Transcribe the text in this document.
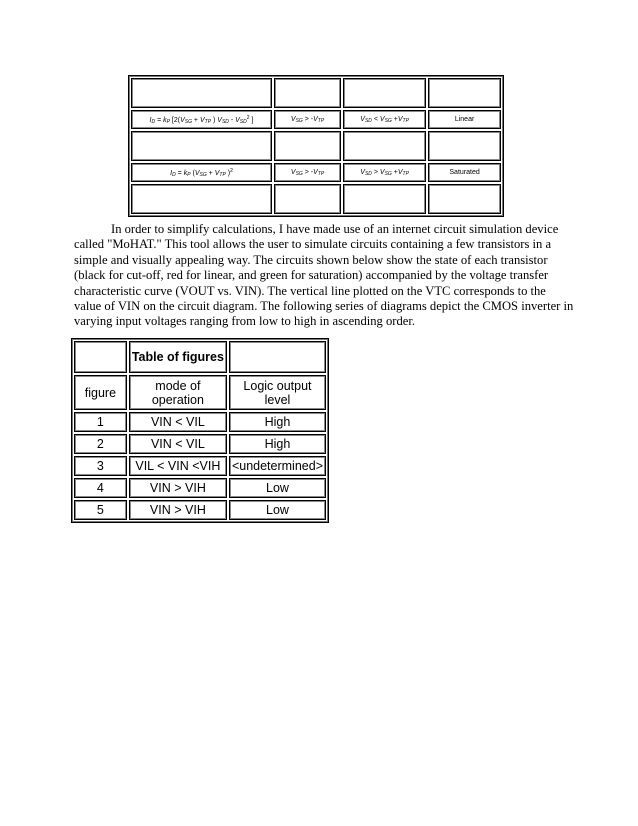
$I_D = k_P$ [$2(V_{SG} + V_{TP}$ ) $V_{SD} - V_{SD}^2$ ]	$V_{SG} > -V_{TP}$	$V_{SD} < V_{SG} +V_{TP}$	Linear

$I_D = k_P$ ($V_{SG} + V_{TP}$ )$^2$	$V_{SG} > -V_{TP}$	$V_{SD} > V_{SG} +V_{TP}$	Saturated

In order to simplify calculations, I have made use of an internet circuit simulation device called "MoHAT." This tool allows the user to simulate circuits containing a few transistors in a simple and visually appealing way. The circuits shown below show the state of each transistor (black for cut-off, red for linear, and green for saturation) accompanied by the voltage transfer characteristic curve (VOUT vs. VIN). The vertical line plotted on the VTC corresponds to the value of VIN on the circuit diagram. The following series of diagrams depict the CMOS inverter in varying input voltages ranging from low to high in ascending order.

	Table of figures	
figure	mode of operation	Logic output level
1	VIN < VIL	High
2	VIN < VIL	High
3	VIL < VIN <VIH	<undetermined>
4	VIN > VIH	Low
5	VIN > VIH	Low
